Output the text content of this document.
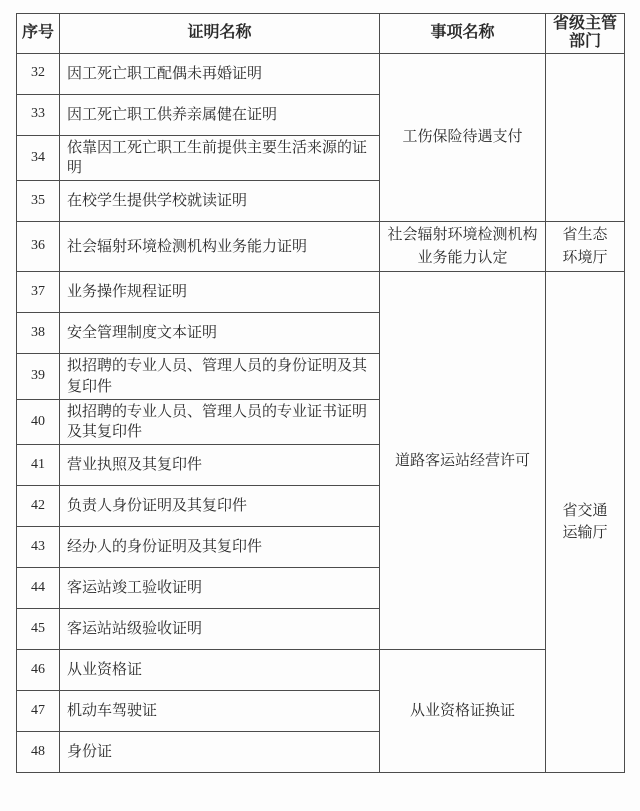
序号	证明名称	事项名称	省级主管部门
32	因工死亡职工配偶未再婚证明	工伤保险待遇支付	
33	因工死亡职工供养亲属健在证明		
34	依靠因工死亡职工生前提供主要生活来源的证明		
35	在校学生提供学校就读证明		
36	社会辐射环境检测机构业务能力证明	社会辐射环境检测机构业务能力认定	省生态环境厅
37	业务操作规程证明	道路客运站经营许可	省交通运输厅
38	安全管理制度文本证明		
39	拟招聘的专业人员、管理人员的身份证明及其复印件		
40	拟招聘的专业人员、管理人员的专业证书证明及其复印件		
41	营业执照及其复印件		
42	负责人身份证明及其复印件		
43	经办人的身份证明及其复印件		
44	客运站竣工验收证明		
45	客运站站级验收证明		
46	从业资格证	从业资格证换证	
47	机动车驾驶证		
48	身份证		
